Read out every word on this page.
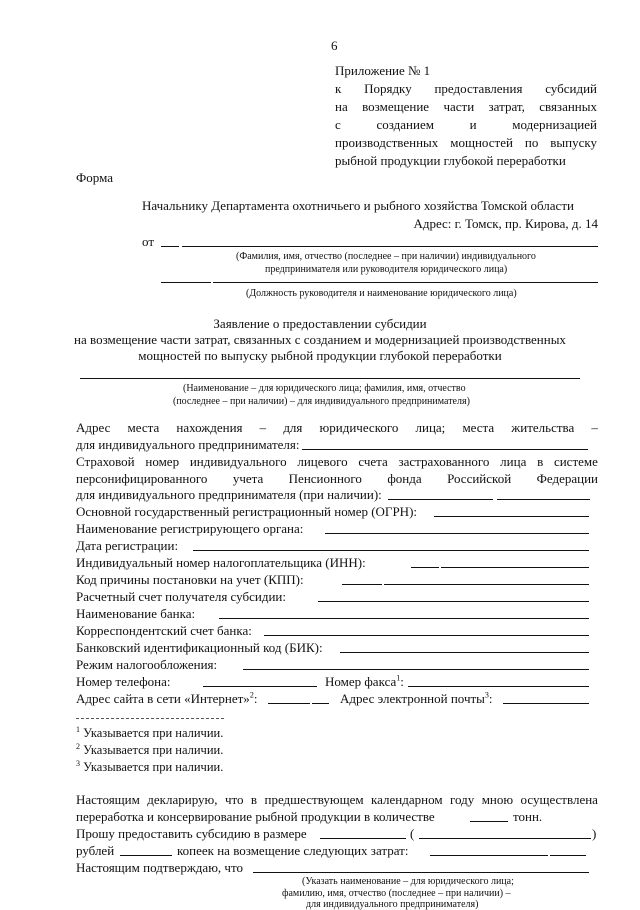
6
Приложение № 1
к Порядку предоставления субсидий
на возмещение части затрат, связанных
с	созданием	и	модернизацией
производственных мощностей по выпуску
рыбной продукции глубокой переработки
Форма
Начальнику Департамента охотничьего и рыбного хозяйства Томской области
Адрес: г. Томск, пр. Кирова, д. 14
от
(Фамилия, имя, отчество (последнее – при наличии) индивидуального
предпринимателя или руководителя юридического лица)
(Должность руководителя и наименование юридического лица)
Заявление о предоставлении субсидии
на возмещение части затрат, связанных с созданием и модернизацией производственных
мощностей по выпуску рыбной продукции глубокой переработки
(Наименование – для юридического лица; фамилия, имя, отчество
(последнее – при наличии) – для индивидуального предпринимателя)
Адрес места нахождения – для юридического лица; места жительства –
для индивидуального предпринимателя:
Страховой номер индивидуального лицевого счета застрахованного лица в системе
персонифицированного учета Пенсионного фонда Российской Федерации
для индивидуального предпринимателя (при наличии):
Основной государственный регистрационный номер (ОГРН):
Наименование регистрирующего органа:
Дата регистрации:
Индивидуальный номер налогоплательщика (ИНН):
Код причины постановки на учет (КПП):
Расчетный счет получателя субсидии:
Наименование банка:
Корреспондентский счет банка:
Банковский идентификационный код (БИК):
Режим налогообложения:
Номер телефона:	Номер факса$^1$:
Адрес сайта в сети «Интернет»$^2$:	Адрес электронной почты$^3$:
$^1$ Указывается при наличии.
$^2$ Указывается при наличии.
$^3$ Указывается при наличии.
Настоящим декларирую, что в предшествующем календарном году мною осуществлена
переработка и консервирование рыбной продукции в количестве	тонн.
Прошу предоставить субсидию в размере	(	)
рублей	копеек на возмещение следующих затрат:
Настоящим подтверждаю, что
(Указать наименование – для юридического лица;
фамилию, имя, отчество (последнее – при наличии) –
для индивидуального предпринимателя)
